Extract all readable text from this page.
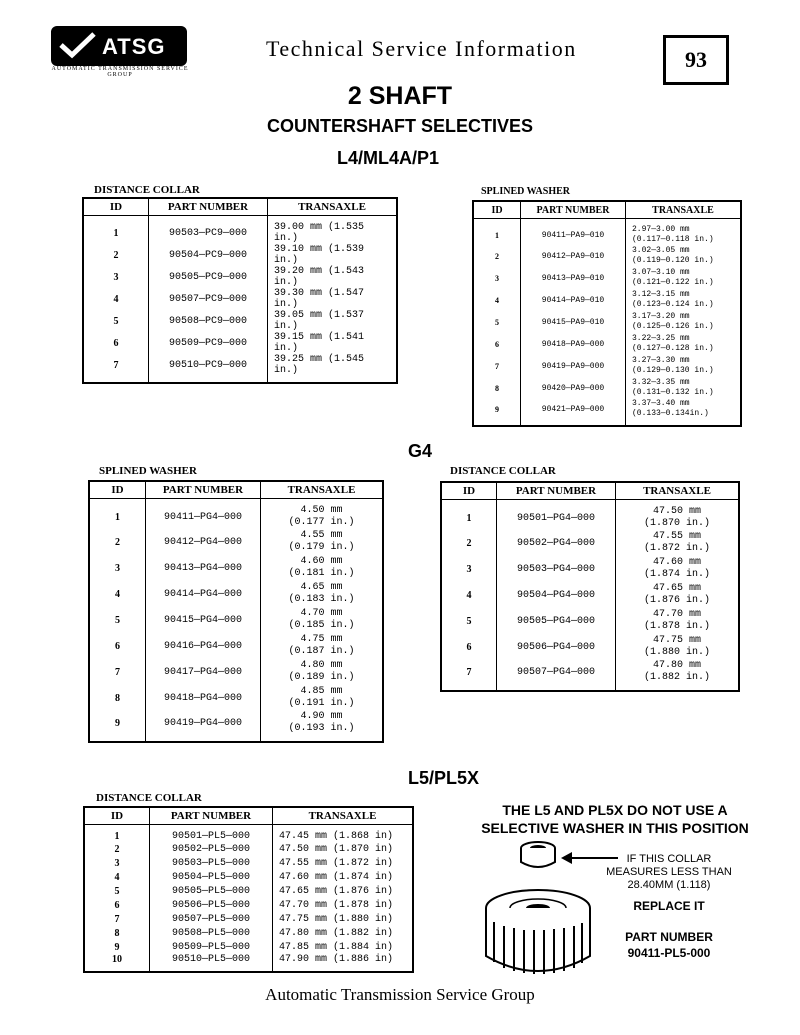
ATSG
AUTOMATIC TRANSMISSION SERVICE GROUP
Technical Service Information	93
2 SHAFT
COUNTERSHAFT SELECTIVES
L4/ML4A/P1
DISTANCE COLLAR
ID	PART NUMBER	TRANSAXLE
1	90503—PC9—000	39.00 mm (1.535 in.)
2	90504—PC9—000	39.10 mm (1.539 in.)
3	90505—PC9—000	39.20 mm (1.543 in.)
4	90507—PC9—000	39.30 mm (1.547 in.)
5	90508—PC9—000	39.05 mm (1.537 in.)
6	90509—PC9—000	39.15 mm (1.541 in.)
7	90510—PC9—000	39.25 mm (1.545 in.)
SPLINED WASHER
ID	PART NUMBER	TRANSAXLE
1	90411—PA9—010	2.97—3.00 mm
(0.117—0.118 in.)

2	90412—PA9—010	3.02—3.05 mm
(0.119—0.120 in.)

3	90413—PA9—010	3.07—3.10 mm
(0.121—0.122 in.)

4	90414—PA9—010	3.12—3.15 mm
(0.123—0.124 in.)

5	90415—PA9—010	3.17—3.20 mm
(0.125—0.126 in.)

6	90418—PA9—000	3.22—3.25 mm
(0.127—0.128 in.)

7	90419—PA9—000	3.27—3.30 mm
(0.129—0.130 in.)

8	90420—PA9—000	3.32—3.35 mm
(0.131—0.132 in.)

9	90421—PA9—000	3.37—3.40 mm
(0.133—0.134in.)
G4
SPLINED WASHER
ID	PART NUMBER	TRANSAXLE
1	90411—PG4—000	4.50 mm
(0.177 in.)

2	90412—PG4—000	4.55 mm
(0.179 in.)

3	90413—PG4—000	4.60 mm
(0.181 in.)

4	90414—PG4—000	4.65 mm
(0.183 in.)

5	90415—PG4—000	4.70 mm
(0.185 in.)

6	90416—PG4—000	4.75 mm
(0.187 in.)

7	90417—PG4—000	4.80 mm
(0.189 in.)

8	90418—PG4—000	4.85 mm
(0.191 in.)

9	90419—PG4—000	4.90 mm
(0.193 in.)
DISTANCE COLLAR
ID	PART NUMBER	TRANSAXLE
1	90501—PG4—000	47.50 mm
(1.870 in.)

2	90502—PG4—000	47.55 mm
(1.872 in.)

3	90503—PG4—000	47.60 mm
(1.874 in.)

4	90504—PG4—000	47.65 mm
(1.876 in.)

5	90505—PG4—000	47.70 mm
(1.878 in.)

6	90506—PG4—000	47.75 mm
(1.880 in.)

7	90507—PG4—000	47.80 mm
(1.882 in.)
L5/PL5X
DISTANCE COLLAR
ID	PART NUMBER	TRANSAXLE
1	90501—PL5—000	47.45 mm (1.868 in)
2	90502—PL5—000	47.50 mm (1.870 in)
3	90503—PL5—000	47.55 mm (1.872 in)
4	90504—PL5—000	47.60 mm (1.874 in)
5	90505—PL5—000	47.65 mm (1.876 in)
6	90506—PL5—000	47.70 mm (1.878 in)
7	90507—PL5—000	47.75 mm (1.880 in)
8	90508—PL5—000	47.80 mm (1.882 in)
9	90509—PL5—000	47.85 mm (1.884 in)
10	90510—PL5—000	47.90 mm (1.886 in)
THE L5 AND PL5X DO NOT USE A
SELECTIVE WASHER IN THIS POSITION
IF THIS COLLAR
MEASURES LESS THAN
28.40MM (1.118)
REPLACE IT
PART NUMBER
90411-PL5-000
Automatic Transmission Service Group
